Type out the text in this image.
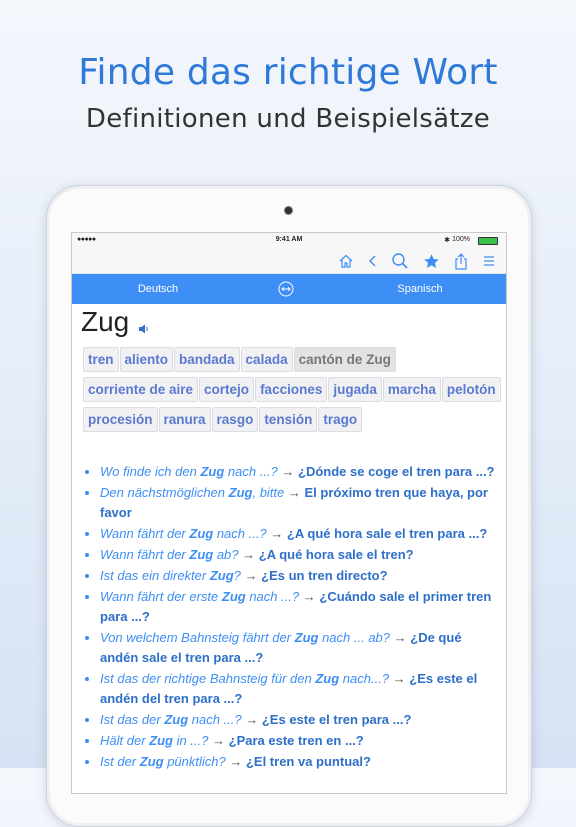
Finde das richtige Wort
Definitionen und Beispielsätze
●●●●●	9:41 AM	✱ 100%
Deutsch	Spanisch
Zug
tren aliento bandada calada cantón de Zugcorriente de aire cortejo facciones jugada marcha pelotónprocesión ranura rasgo tensión trago
• Wo finde ich den Zug nach ...? → ¿Dónde se coge el tren para ...?
• Den nächstmöglichen Zug, bitte → El próximo tren que haya, por favor
• Wann fährt der Zug nach ...? → ¿A qué hora sale el tren para ...?
• Wann fährt der Zug ab? → ¿A qué hora sale el tren?
• Ist das ein direkter Zug? → ¿Es un tren directo?
• Wann fährt der erste Zug nach ...? → ¿Cuándo sale el primer tren para ...?
• Von welchem Bahnsteig fährt der Zug nach ... ab? → ¿De qué andén sale el tren para ...?
• Ist das der richtige Bahnsteig für den Zug nach...? → ¿Es este el andén del tren para ...?
• Ist das der Zug nach ...? → ¿Es este el tren para ...?
• Hält der Zug in ...? → ¿Para este tren en ...?
• Ist der Zug pünktlich? → ¿El tren va puntual?
